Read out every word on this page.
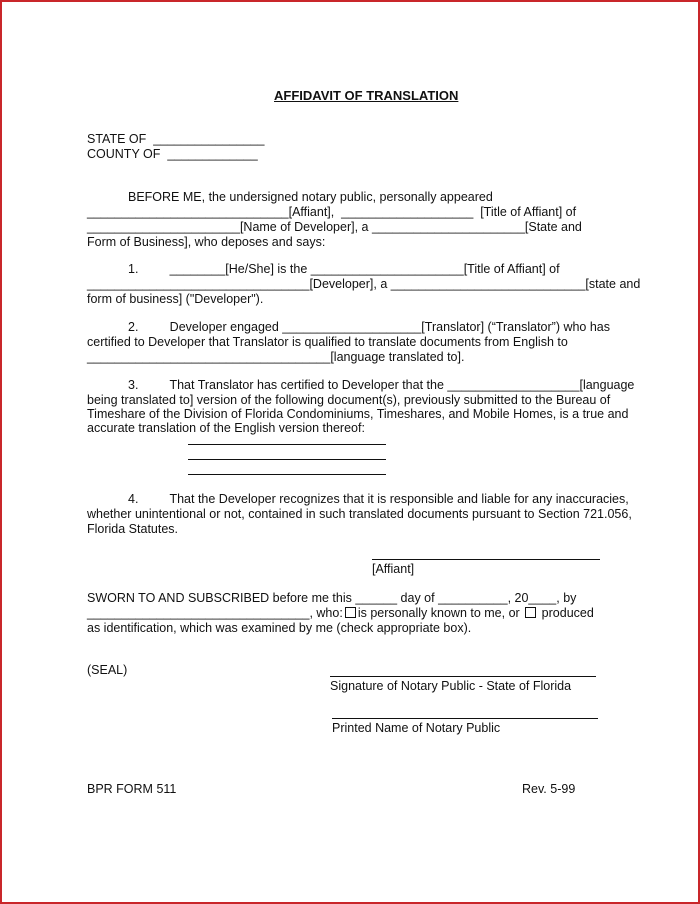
AFFIDAVIT OF TRANSLATION
STATE OF  ________________
COUNTY OF  _____________
BEFORE ME, the undersigned notary public, personally appeared
_____________________________[Affiant],  ___________________  [Title of Affiant] of
______________________[Name of Developer], a ______________________[State and
Form of Business], who deposes and says:
1.         ________[He/She] is the ______________________[Title of Affiant] of
________________________________[Developer], a ____________________________[state and
form of business] ("Developer").
2.         Developer engaged ____________________[Translator] (“Translator”) who has
certified to Developer that Translator is qualified to translate documents from English to
___________________________________[language translated to].
3.         That Translator has certified to Developer that the ___________________[language
being translated to] version of the following document(s), previously submitted to the Bureau of
Timeshare of the Division of Florida Condominiums, Timeshares, and Mobile Homes, is a true and
accurate translation of the English version thereof:
4.         That the Developer recognizes that it is responsible and liable for any inaccuracies,
whether unintentional or not, contained in such translated documents pursuant to Section 721.056,
Florida Statutes.
[Affiant]
SWORN TO AND SUBSCRIBED before me this ______ day of __________, 20____, by
________________________________, who: is personally known to me, or produced
as identification, which was examined by me (check appropriate box).
(SEAL)
Signature of Notary Public - State of Florida
Printed Name of Notary Public
BPR FORM 511	Rev. 5-99
